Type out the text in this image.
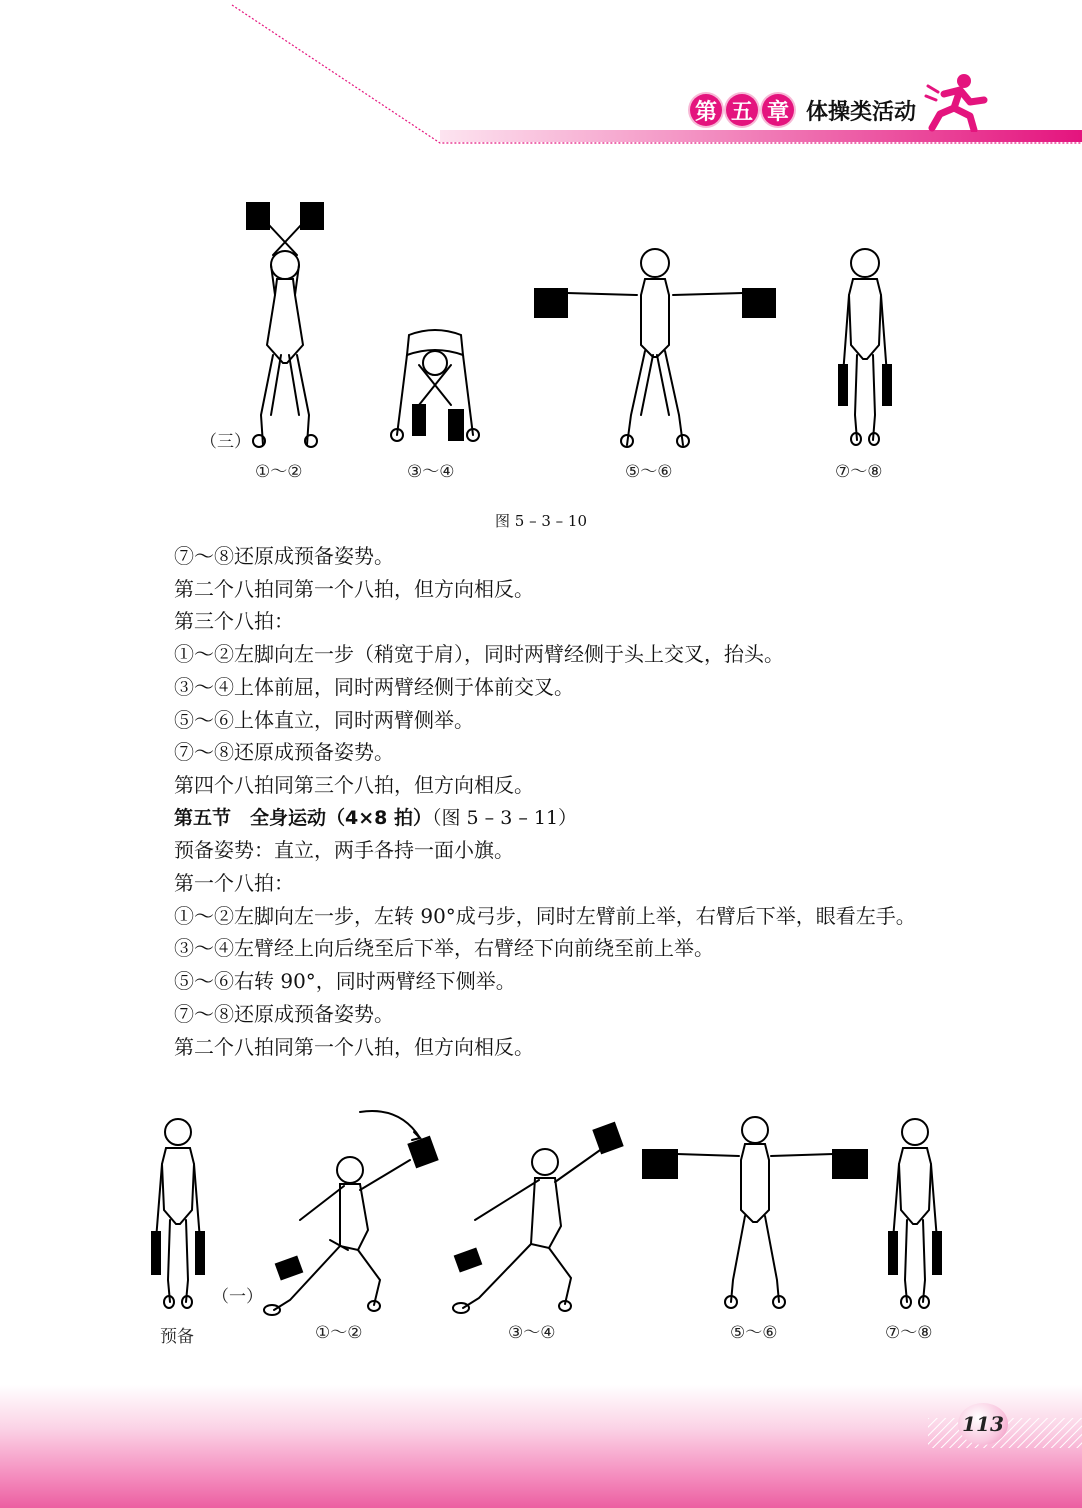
第 五 章 体操类活动
（三）
①～②	③～④	⑤～⑥	⑦～⑧
图 5 – 3 – 10

⑦～⑧还原成预备姿势。

第二个八拍同第一个八拍，但方向相反。

第三个八拍：

①～②左脚向左一步（稍宽于肩），同时两臂经侧于头上交叉，抬头。

③～④上体前屈，同时两臂经侧于体前交叉。

⑤～⑥上体直立，同时两臂侧举。

⑦～⑧还原成预备姿势。

第四个八拍同第三个八拍，但方向相反。

第五节　全身运动（4×8 拍）（图 5 – 3 – 11）

预备姿势：直立，两手各持一面小旗。

第一个八拍：

①～②左脚向左一步，左转 90°成弓步，同时左臂前上举，右臂后下举，眼看左手。

③～④左臂经上向后绕至后下举，右臂经下向前绕至前上举。

⑤～⑥右转 90°，同时两臂经下侧举。

⑦～⑧还原成预备姿势。

第二个八拍同第一个八拍，但方向相反。

（一）
预备	①～②	③～④	⑤～⑥	⑦～⑧
113
